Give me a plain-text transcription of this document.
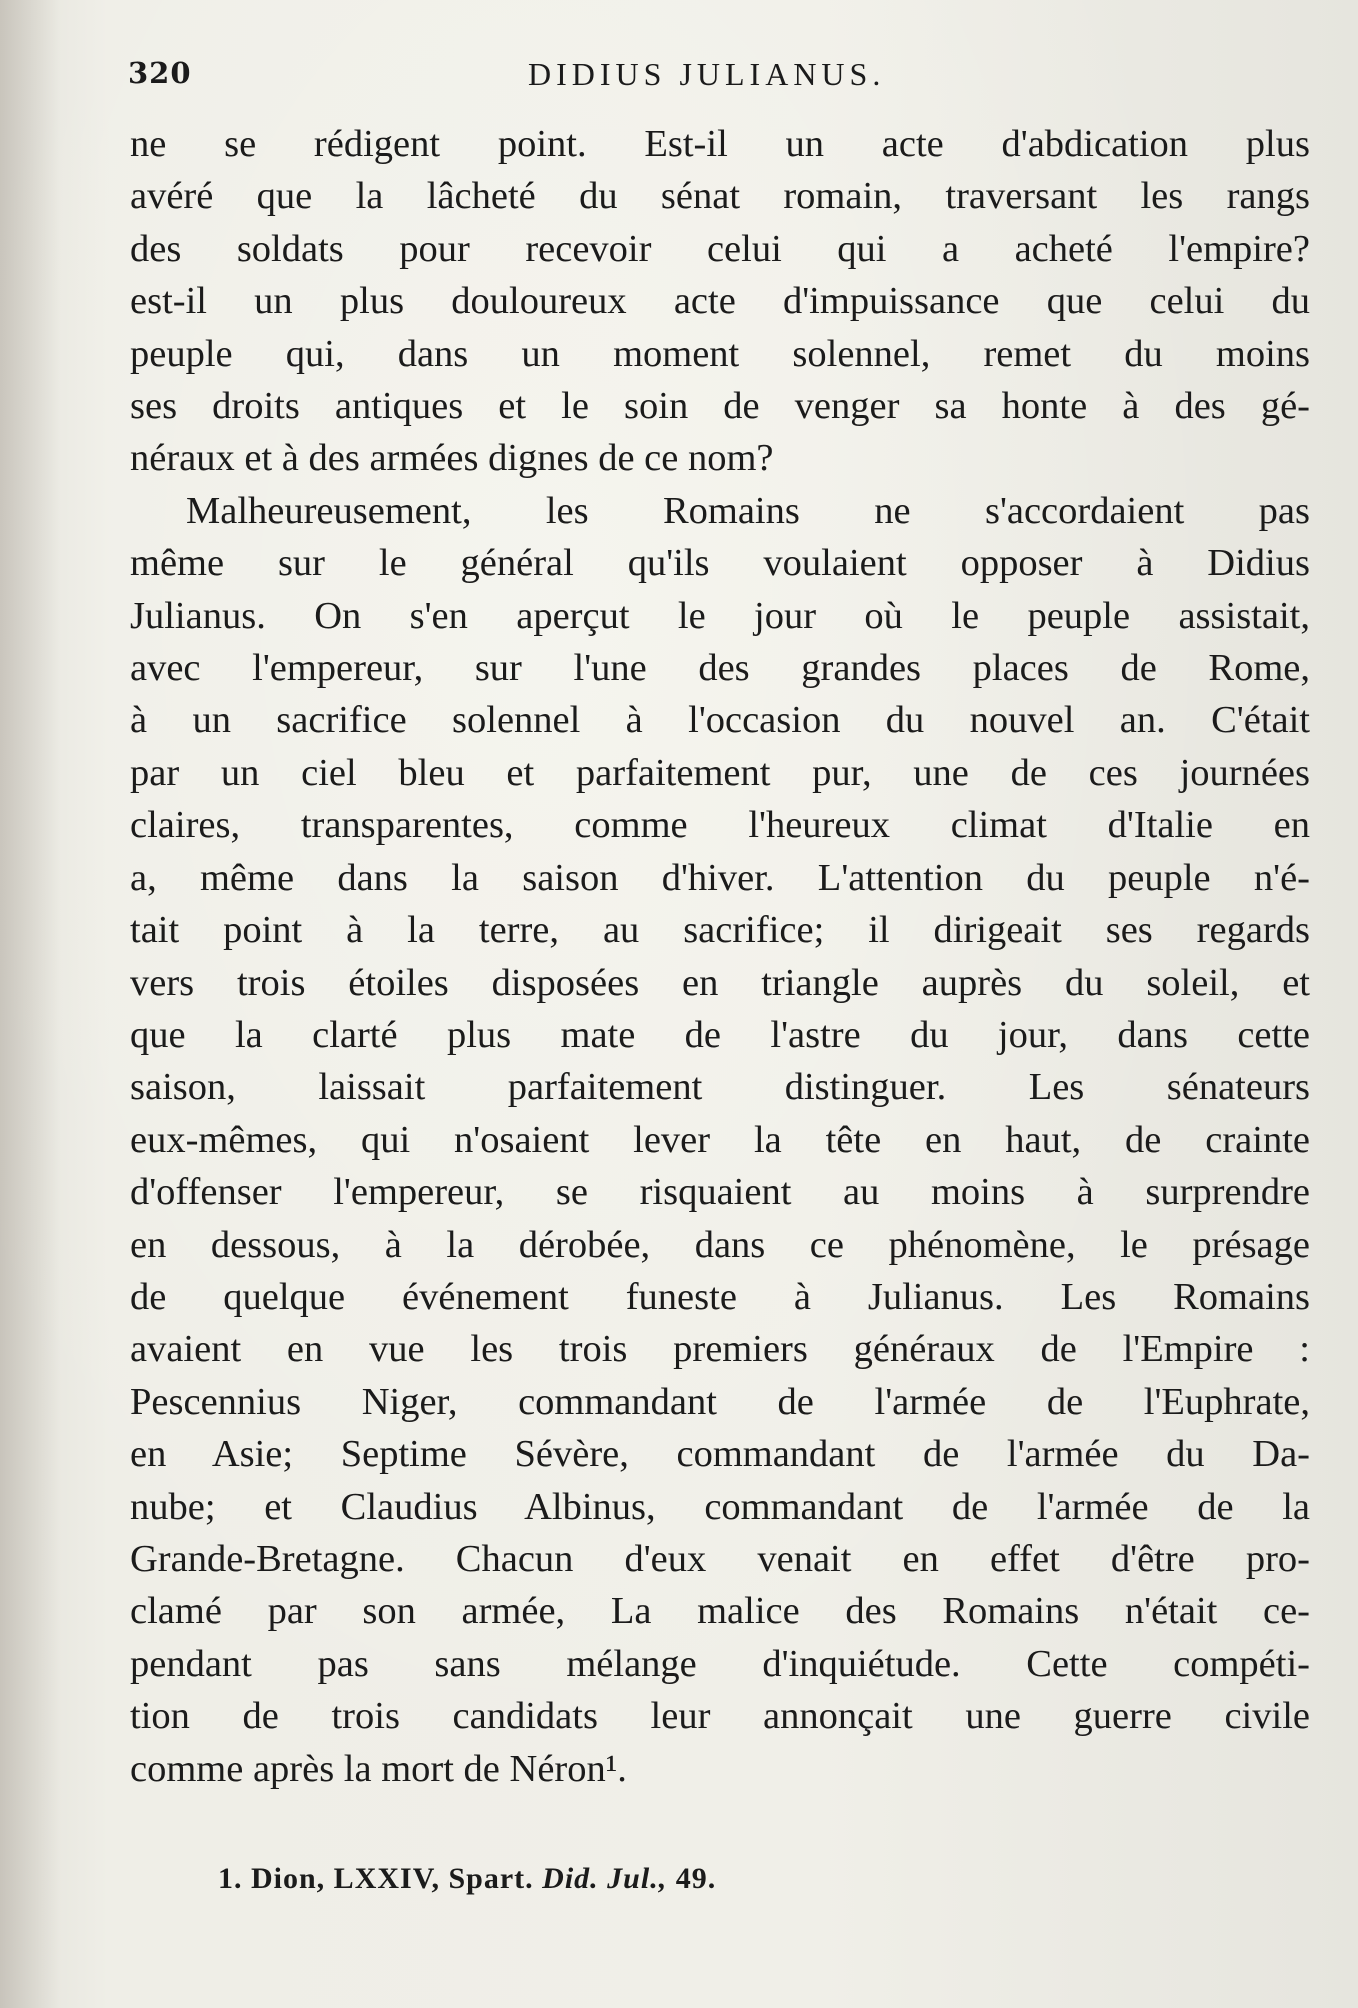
320	DIDIUS JULIANUS.
ne se rédigent point. Est-il un acte d'abdication plus
avéré que la lâcheté du sénat romain, traversant les rangs
des soldats pour recevoir celui qui a acheté l'empire?
est-il un plus douloureux acte d'impuissance que celui du
peuple qui, dans un moment solennel, remet du moins
ses droits antiques et le soin de venger sa honte à des gé-
néraux et à des armées dignes de ce nom?
Malheureusement, les Romains ne s'accordaient pas
même sur le général qu'ils voulaient opposer à Didius
Julianus. On s'en aperçut le jour où le peuple assistait,
avec l'empereur, sur l'une des grandes places de Rome,
à un sacrifice solennel à l'occasion du nouvel an. C'était
par un ciel bleu et parfaitement pur, une de ces journées
claires, transparentes, comme l'heureux climat d'Italie en
a, même dans la saison d'hiver. L'attention du peuple n'é-
tait point à la terre, au sacrifice; il dirigeait ses regards
vers trois étoiles disposées en triangle auprès du soleil, et
que la clarté plus mate de l'astre du jour, dans cette
saison, laissait parfaitement distinguer. Les sénateurs
eux-mêmes, qui n'osaient lever la tête en haut, de crainte
d'offenser l'empereur, se risquaient au moins à surprendre
en dessous, à la dérobée, dans ce phénomène, le présage
de quelque événement funeste à Julianus. Les Romains
avaient en vue les trois premiers généraux de l'Empire :
Pescennius Niger, commandant de l'armée de l'Euphrate,
en Asie; Septime Sévère, commandant de l'armée du Da-
nube; et Claudius Albinus, commandant de l'armée de la
Grande-Bretagne. Chacun d'eux venait en effet d'être pro-
clamé par son armée, La malice des Romains n'était ce-
pendant pas sans mélange d'inquiétude. Cette compéti-
tion de trois candidats leur annonçait une guerre civile
comme après la mort de Néron¹.
1. Dion, LXXIV, Spart. Did. Jul., 49.
